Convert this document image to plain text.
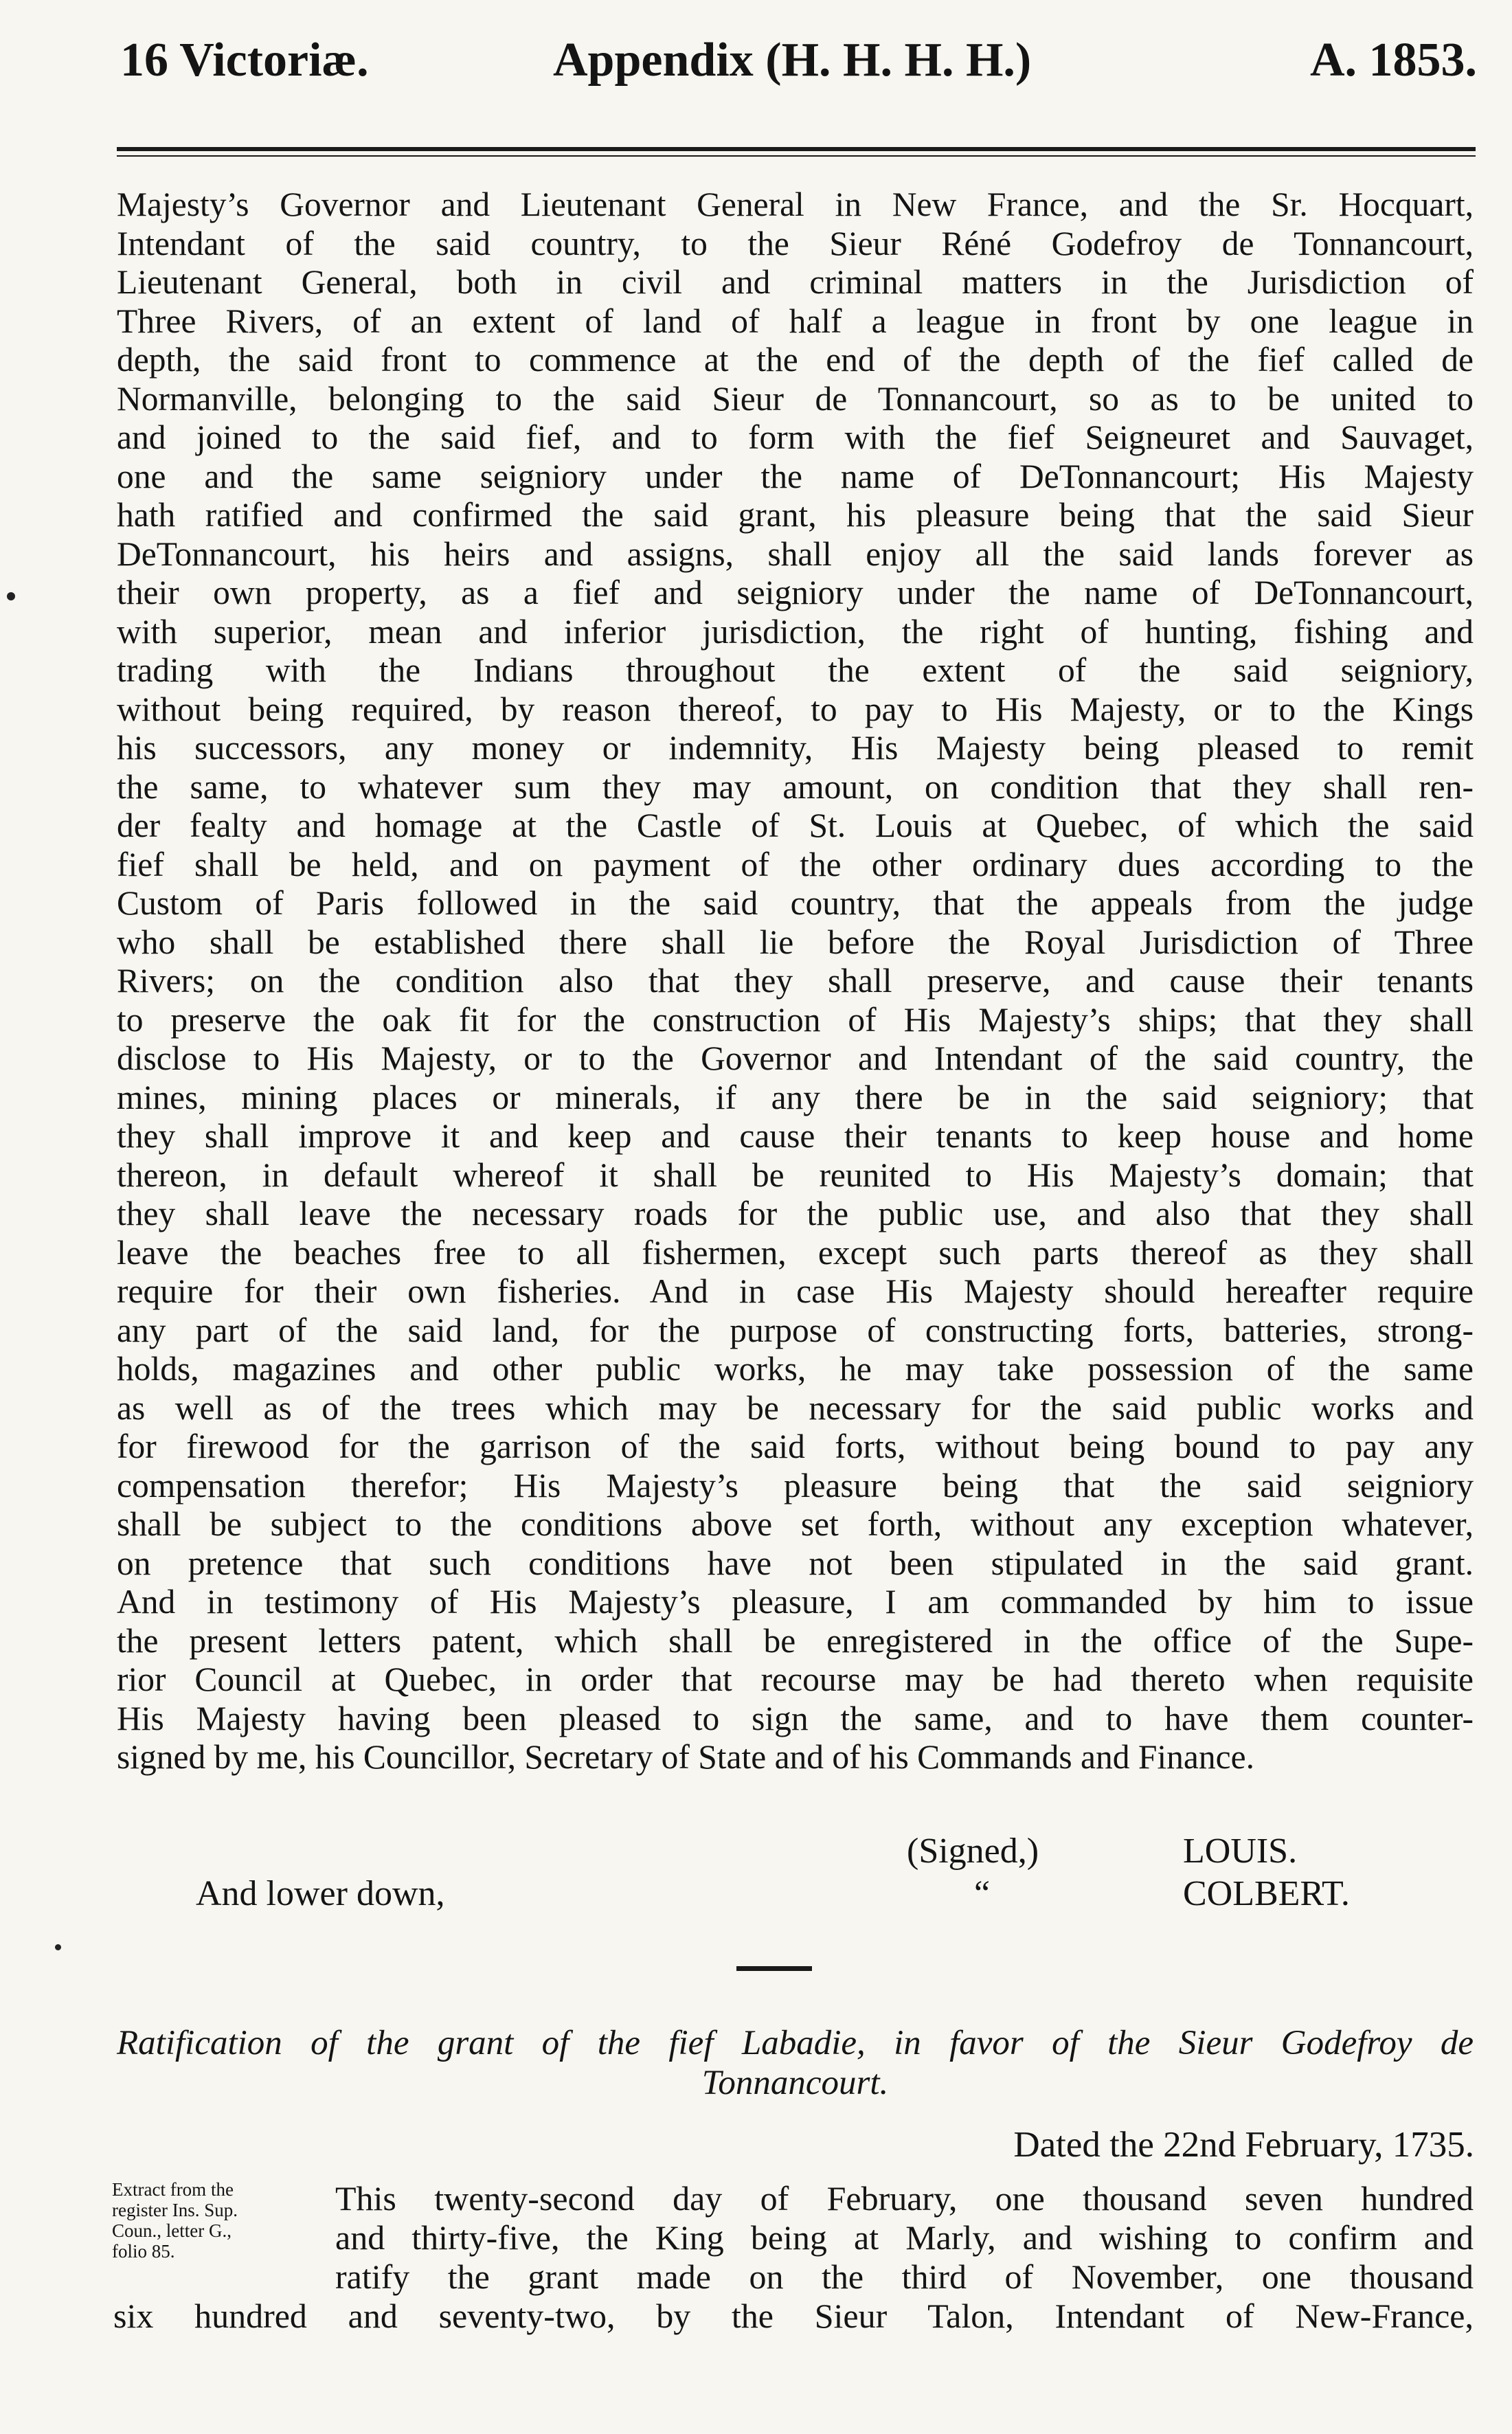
16 Victoriæ.	Appendix (H. H. H. H.)	A. 1853.
Majesty’s Governor and Lieutenant General in New France, and the Sr. Hocquart,
Intendant of the said country, to the Sieur Réné Godefroy de Tonnancourt,
Lieutenant General, both in civil and criminal matters in the Jurisdiction of
Three Rivers, of an extent of land of half a league in front by one league in
depth, the said front to commence at the end of the depth of the fief called de
Normanville, belonging to the said Sieur de Tonnancourt, so as to be united to
and joined to the said fief, and to form with the fief Seigneuret and Sauvaget,
one and the same seigniory under the name of DeTonnancourt; His Majesty
hath ratified and confirmed the said grant, his pleasure being that the said Sieur
DeTonnancourt, his heirs and assigns, shall enjoy all the said lands forever as
their own property, as a fief and seigniory under the name of DeTonnancourt,
with superior, mean and inferior jurisdiction, the right of hunting, fishing and
trading with the Indians throughout the extent of the said seigniory,
without being required, by reason thereof, to pay to His Majesty, or to the Kings
his successors, any money or indemnity, His Majesty being pleased to remit
the same, to whatever sum they may amount, on condition that they shall ren-
der fealty and homage at the Castle of St. Louis at Quebec, of which the said
fief shall be held, and on payment of the other ordinary dues according to the
Custom of Paris followed in the said country, that the appeals from the judge
who shall be established there shall lie before the Royal Jurisdiction of Three
Rivers; on the condition also that they shall preserve, and cause their tenants
to preserve the oak fit for the construction of His Majesty’s ships; that they shall
disclose to His Majesty, or to the Governor and Intendant of the said country, the
mines, mining places or minerals, if any there be in the said seigniory; that
they shall improve it and keep and cause their tenants to keep house and home
thereon, in default whereof it shall be reunited to His Majesty’s domain; that
they shall leave the necessary roads for the public use, and also that they shall
leave the beaches free to all fishermen, except such parts thereof as they shall
require for their own fisheries. And in case His Majesty should hereafter require
any part of the said land, for the purpose of constructing forts, batteries, strong-
holds, magazines and other public works, he may take possession of the same
as well as of the trees which may be necessary for the said public works and
for firewood for the garrison of the said forts, without being bound to pay any
compensation therefor; His Majesty’s pleasure being that the said seigniory
shall be subject to the conditions above set forth, without any exception whatever,
on pretence that such conditions have not been stipulated in the said grant.
And in testimony of His Majesty’s pleasure, I am commanded by him to issue
the present letters patent, which shall be enregistered in the office of the Supe-
rior Council at Quebec, in order that recourse may be had thereto when requisite
His Majesty having been pleased to sign the same, and to have them counter-
signed by me, his Councillor, Secretary of State and of his Commands and Finance.
(Signed,)	LOUIS.
And lower down,	“	COLBERT.
Ratification of the grant of the fief Labadie, in favor of the Sieur Godefroy de
Tonnancourt.
Dated the 22nd February, 1735.
Extract from the
register Ins. Sup.
Coun., letter G.,
folio 85.
This twenty-second day of February, one thousand seven hundred
and thirty-five, the King being at Marly, and wishing to confirm and
ratify the grant made on the third of November, one thousand
six hundred and seventy-two, by the Sieur Talon, Intendant of New-France,
